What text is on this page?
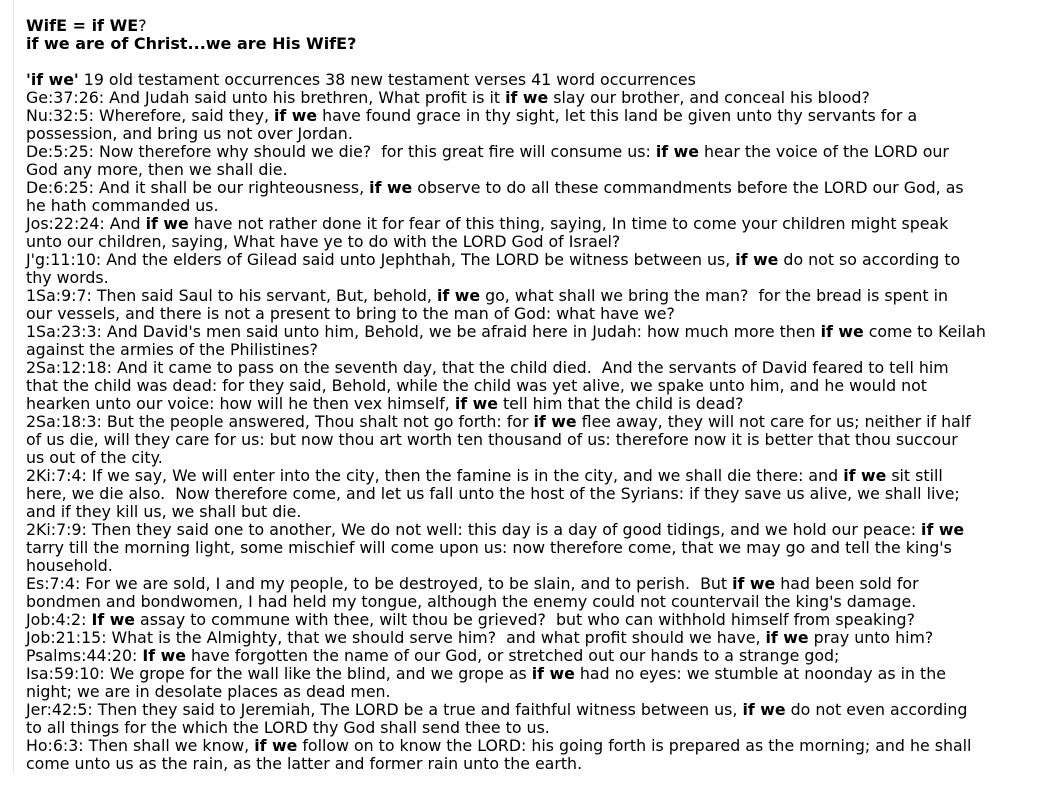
WifE = if WE?

if we are of Christ...we are His WifE?

'if we' 19 old testament occurrences 38 new testament verses 41 word occurrences

Ge:37:26: And Judah said unto his brethren, What profit is it if we slay our brother, and conceal his blood?

Nu:32:5: Wherefore, said they, if we have found grace in thy sight, let this land be given unto thy servants for a

possession, and bring us not over Jordan.

De:5:25: Now therefore why should we die?  for this great fire will consume us: if we hear the voice of the LORD our

God any more, then we shall die.

De:6:25: And it shall be our righteousness, if we observe to do all these commandments before the LORD our God, as

he hath commanded us.

Jos:22:24: And if we have not rather done it for fear of this thing, saying, In time to come your children might speak

unto our children, saying, What have ye to do with the LORD God of Israel?

J'g:11:10: And the elders of Gilead said unto Jephthah, The LORD be witness between us, if we do not so according to

thy words.

1Sa:9:7: Then said Saul to his servant, But, behold, if we go, what shall we bring the man?  for the bread is spent in

our vessels, and there is not a present to bring to the man of God: what have we?

1Sa:23:3: And David's men said unto him, Behold, we be afraid here in Judah: how much more then if we come to Keilah

against the armies of the Philistines?

2Sa:12:18: And it came to pass on the seventh day, that the child died.  And the servants of David feared to tell him

that the child was dead: for they said, Behold, while the child was yet alive, we spake unto him, and he would not

hearken unto our voice: how will he then vex himself, if we tell him that the child is dead?

2Sa:18:3: But the people answered, Thou shalt not go forth: for if we flee away, they will not care for us; neither if half

of us die, will they care for us: but now thou art worth ten thousand of us: therefore now it is better that thou succour

us out of the city.

2Ki:7:4: If we say, We will enter into the city, then the famine is in the city, and we shall die there: and if we sit still

here, we die also.  Now therefore come, and let us fall unto the host of the Syrians: if they save us alive, we shall live;

and if they kill us, we shall but die.

2Ki:7:9: Then they said one to another, We do not well: this day is a day of good tidings, and we hold our peace: if we

tarry till the morning light, some mischief will come upon us: now therefore come, that we may go and tell the king's

household.

Es:7:4: For we are sold, I and my people, to be destroyed, to be slain, and to perish.  But if we had been sold for

bondmen and bondwomen, I had held my tongue, although the enemy could not countervail the king's damage.

Job:4:2: If we assay to commune with thee, wilt thou be grieved?  but who can withhold himself from speaking?

Job:21:15: What is the Almighty, that we should serve him?  and what profit should we have, if we pray unto him?

Psalms:44:20: If we have forgotten the name of our God, or stretched out our hands to a strange god;

Isa:59:10: We grope for the wall like the blind, and we grope as if we had no eyes: we stumble at noonday as in the

night; we are in desolate places as dead men.

Jer:42:5: Then they said to Jeremiah, The LORD be a true and faithful witness between us, if we do not even according

to all things for the which the LORD thy God shall send thee to us.

Ho:6:3: Then shall we know, if we follow on to know the LORD: his going forth is prepared as the morning; and he shall

come unto us as the rain, as the latter and former rain unto the earth.
